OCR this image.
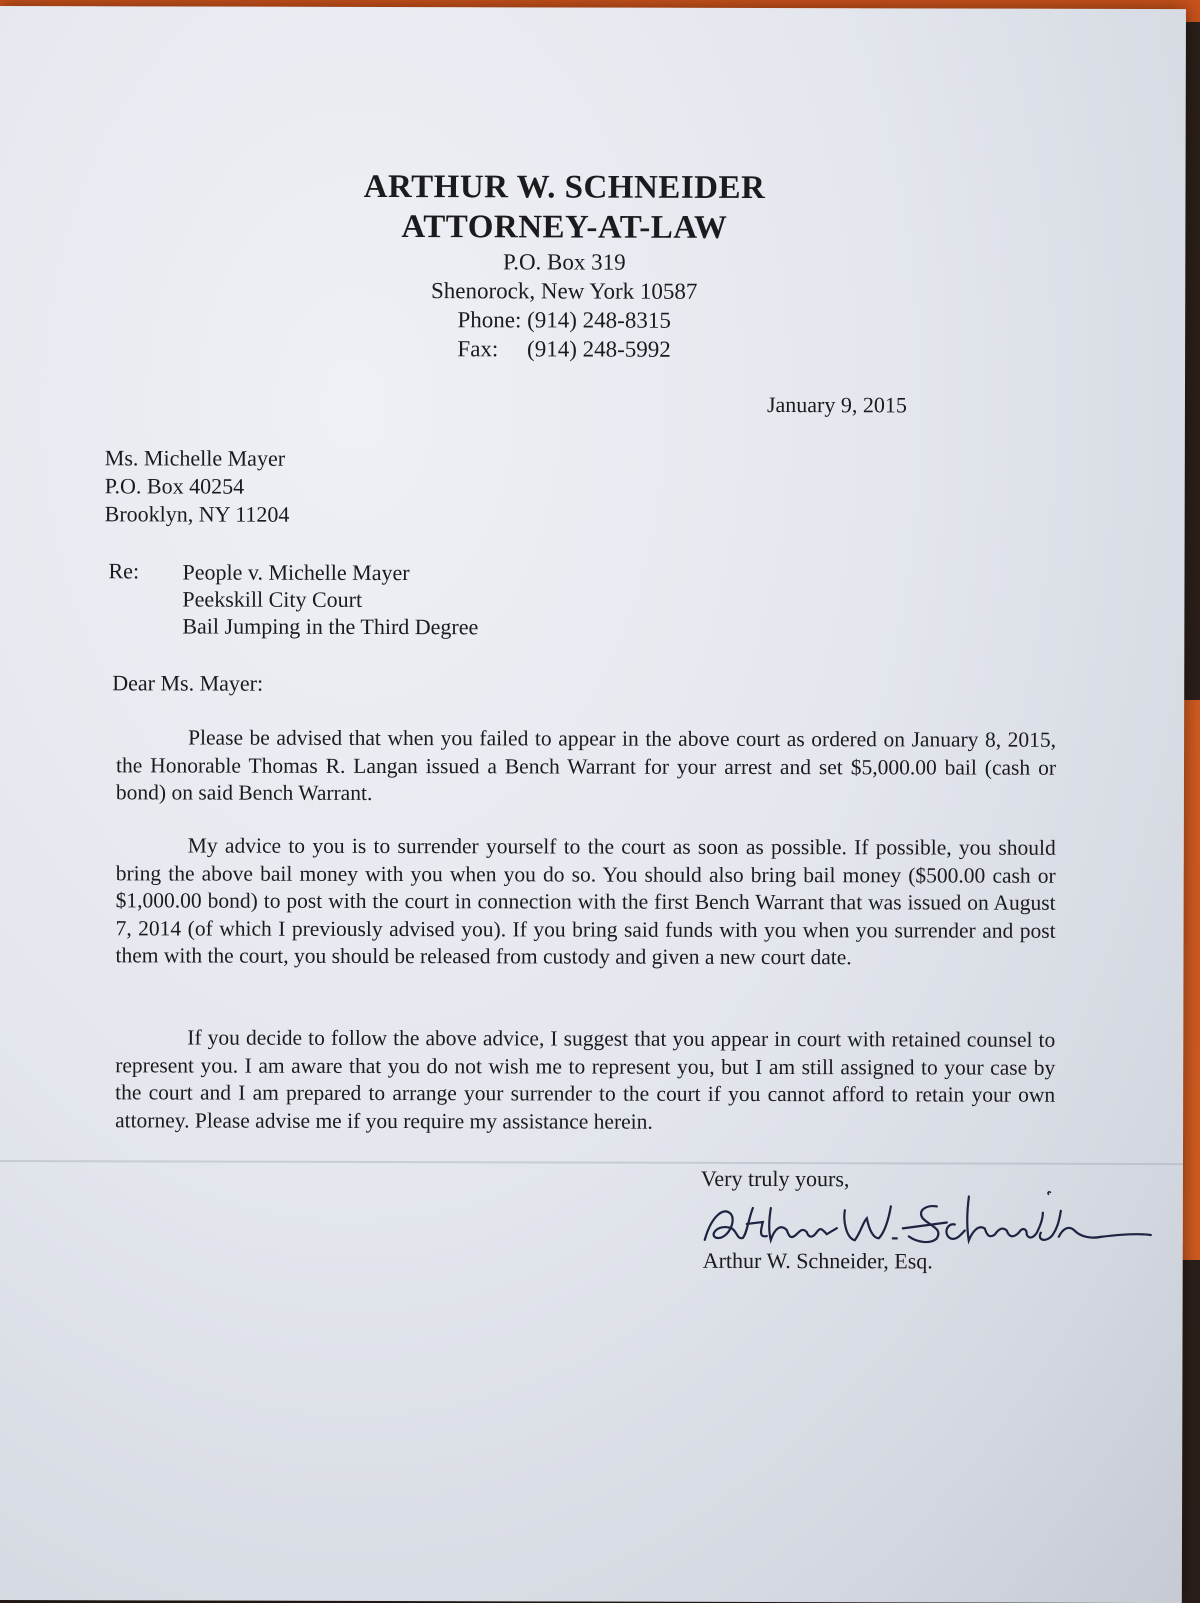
ARTHUR W. SCHNEIDER
ATTORNEY-AT-LAW
P.O. Box 319
Shenorock, New York 10587
Phone: (914) 248-8315
Fax:     (914) 248-5992
January 9, 2015
Ms. Michelle Mayer
P.O. Box 40254
Brooklyn, NY 11204
Re: People v. Michelle Mayer
Peekskill City Court
Bail Jumping in the Third Degree
Dear Ms. Mayer:
Please be advised that when you failed to appear in the above court as ordered on January 8, 2015, the Honorable Thomas R. Langan issued a Bench Warrant for your arrest and set $5,000.00 bail (cash or bond) on said Bench Warrant.
My advice to you is to surrender yourself to the court as soon as possible. If possible, you should bring the above bail money with you when you do so. You should also bring bail money ($500.00 cash or $1,000.00 bond) to post with the court in connection with the first Bench Warrant that was issued on August 7, 2014 (of which I previously advised you). If you bring said funds with you when you surrender and post them with the court, you should be released from custody and given a new court date.
If you decide to follow the above advice, I suggest that you appear in court with retained counsel to represent you. I am aware that you do not wish me to represent you, but I am still assigned to your case by the court and I am prepared to arrange your surrender to the court if you cannot afford to retain your own attorney. Please advise me if you require my assistance herein.
Very truly yours,
Arthur W. Schneider, Esq.
